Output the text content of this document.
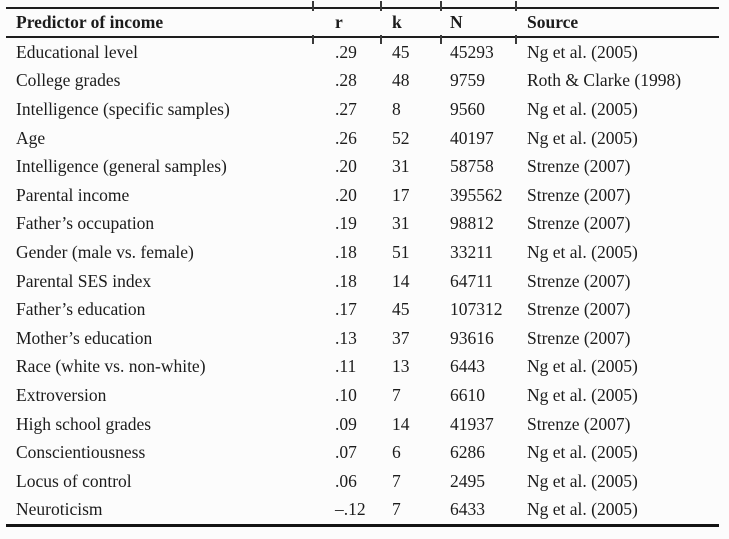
Predictor of income	r	k	N	Source
Educational level	.29	45	45293	Ng et al. (2005)
College grades	.28	48	9759	Roth & Clarke (1998)
Intelligence (specific samples)	.27	8	9560	Ng et al. (2005)
Age	.26	52	40197	Ng et al. (2005)
Intelligence (general samples)	.20	31	58758	Strenze (2007)
Parental income	.20	17	395562	Strenze (2007)
Father’s occupation	.19	31	98812	Strenze (2007)
Gender (male vs. female)	.18	51	33211	Ng et al. (2005)
Parental SES index	.18	14	64711	Strenze (2007)
Father’s education	.17	45	107312	Strenze (2007)
Mother’s education	.13	37	93616	Strenze (2007)
Race (white vs. non-white)	.11	13	6443	Ng et al. (2005)
Extroversion	.10	7	6610	Ng et al. (2005)
High school grades	.09	14	41937	Strenze (2007)
Conscientiousness	.07	6	6286	Ng et al. (2005)
Locus of control	.06	7	2495	Ng et al. (2005)
Neuroticism	–.12	7	6433	Ng et al. (2005)
